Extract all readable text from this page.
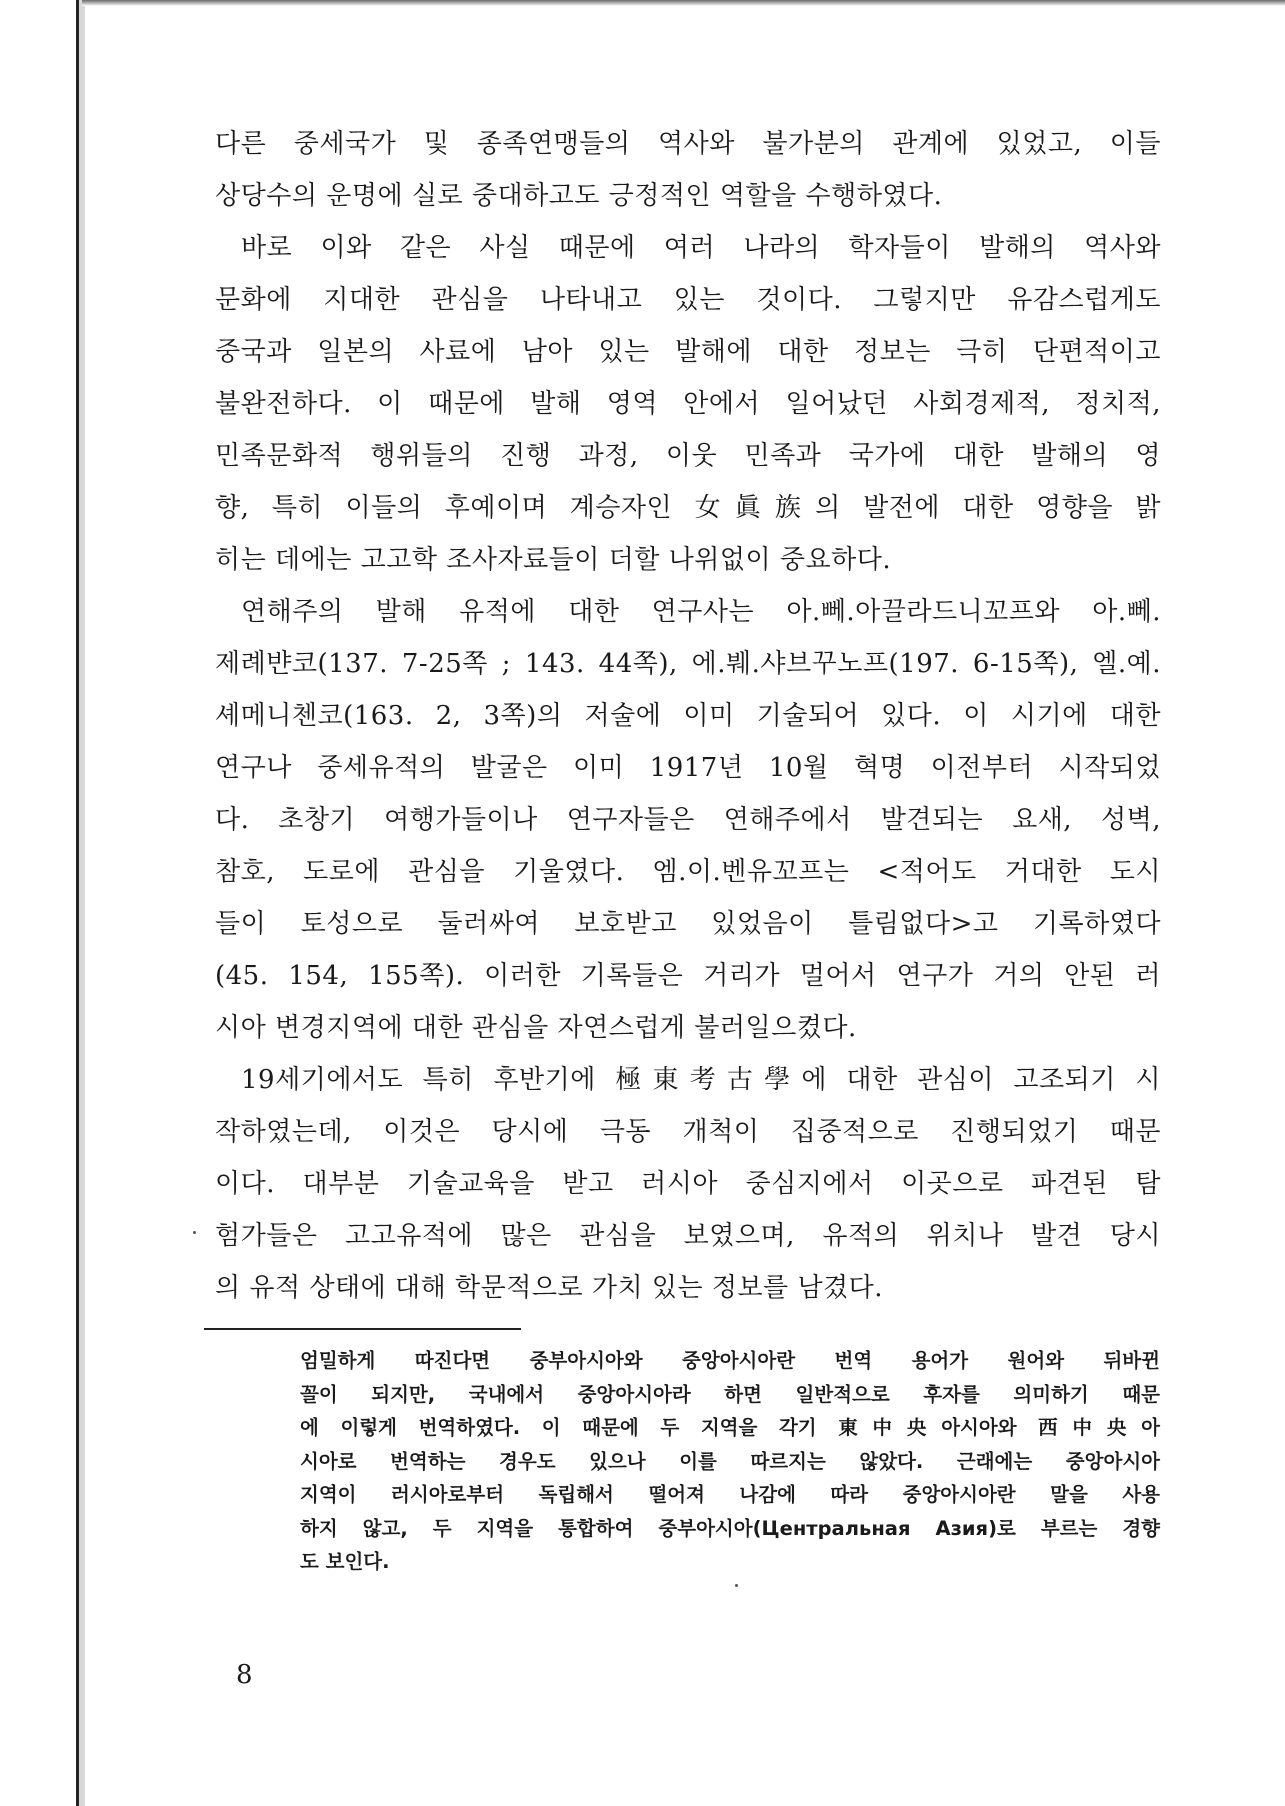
다른 중세국가 및 종족연맹들의 역사와 불가분의 관계에 있었고, 이들
상당수의 운명에 실로 중대하고도 긍정적인 역할을 수행하였다.
바로 이와 같은 사실 때문에 여러 나라의 학자들이 발해의 역사와
문화에 지대한 관심을 나타내고 있는 것이다. 그렇지만 유감스럽게도
중국과 일본의 사료에 남아 있는 발해에 대한 정보는 극히 단편적이고
불완전하다. 이 때문에 발해 영역 안에서 일어났던 사회경제적, 정치적,
민족문화적 행위들의 진행 과정, 이웃 민족과 국가에 대한 발해의 영
향, 특히 이들의 후예이며 계승자인 女眞族의 발전에 대한 영향을 밝
히는 데에는 고고학 조사자료들이 더할 나위없이 중요하다.
연해주의 발해 유적에 대한 연구사는 아.뻬.아끌라드니꼬프와 아.뻬.
제례뱐코(137. 7-25쪽 ; 143. 44쪽), 에.붸.샤브꾸노프(197. 6-15쪽), 엘.예.
셰메니첸코(163. 2, 3쪽)의 저술에 이미 기술되어 있다. 이 시기에 대한
연구나 중세유적의 발굴은 이미 1917년 10월 혁명 이전부터 시작되었
다. 초창기 여행가들이나 연구자들은 연해주에서 발견되는 요새, 성벽,
참호, 도로에 관심을 기울였다. 엠.이.벤유꼬프는 <적어도 거대한 도시
들이 토성으로 둘러싸여 보호받고 있었음이 틀림없다>고 기록하였다
(45. 154, 155쪽). 이러한 기록들은 거리가 멀어서 연구가 거의 안된 러
시아 변경지역에 대한 관심을 자연스럽게 불러일으켰다.
19세기에서도 특히 후반기에 極東考古學에 대한 관심이 고조되기 시
작하였는데, 이것은 당시에 극동 개척이 집중적으로 진행되었기 때문
이다. 대부분 기술교육을 받고 러시아 중심지에서 이곳으로 파견된 탐
험가들은 고고유적에 많은 관심을 보였으며, 유적의 위치나 발견 당시
의 유적 상태에 대해 학문적으로 가치 있는 정보를 남겼다.
엄밀하게 따진다면 중부아시아와 중앙아시아란 번역 용어가 원어와 뒤바뀐
꼴이 되지만, 국내에서 중앙아시아라 하면 일반적으로 후자를 의미하기 때문
에 이렇게 번역하였다. 이 때문에 두 지역을 각기 東中央아시아와 西中央아
시아로 번역하는 경우도 있으나 이를 따르지는 않았다. 근래에는 중앙아시아
지역이 러시아로부터 독립해서 떨어져 나감에 따라 중앙아시아란 말을 사용
하지 않고, 두 지역을 통합하여 중부아시아(Центральная Азия)로 부르는 경향
도 보인다.
8
